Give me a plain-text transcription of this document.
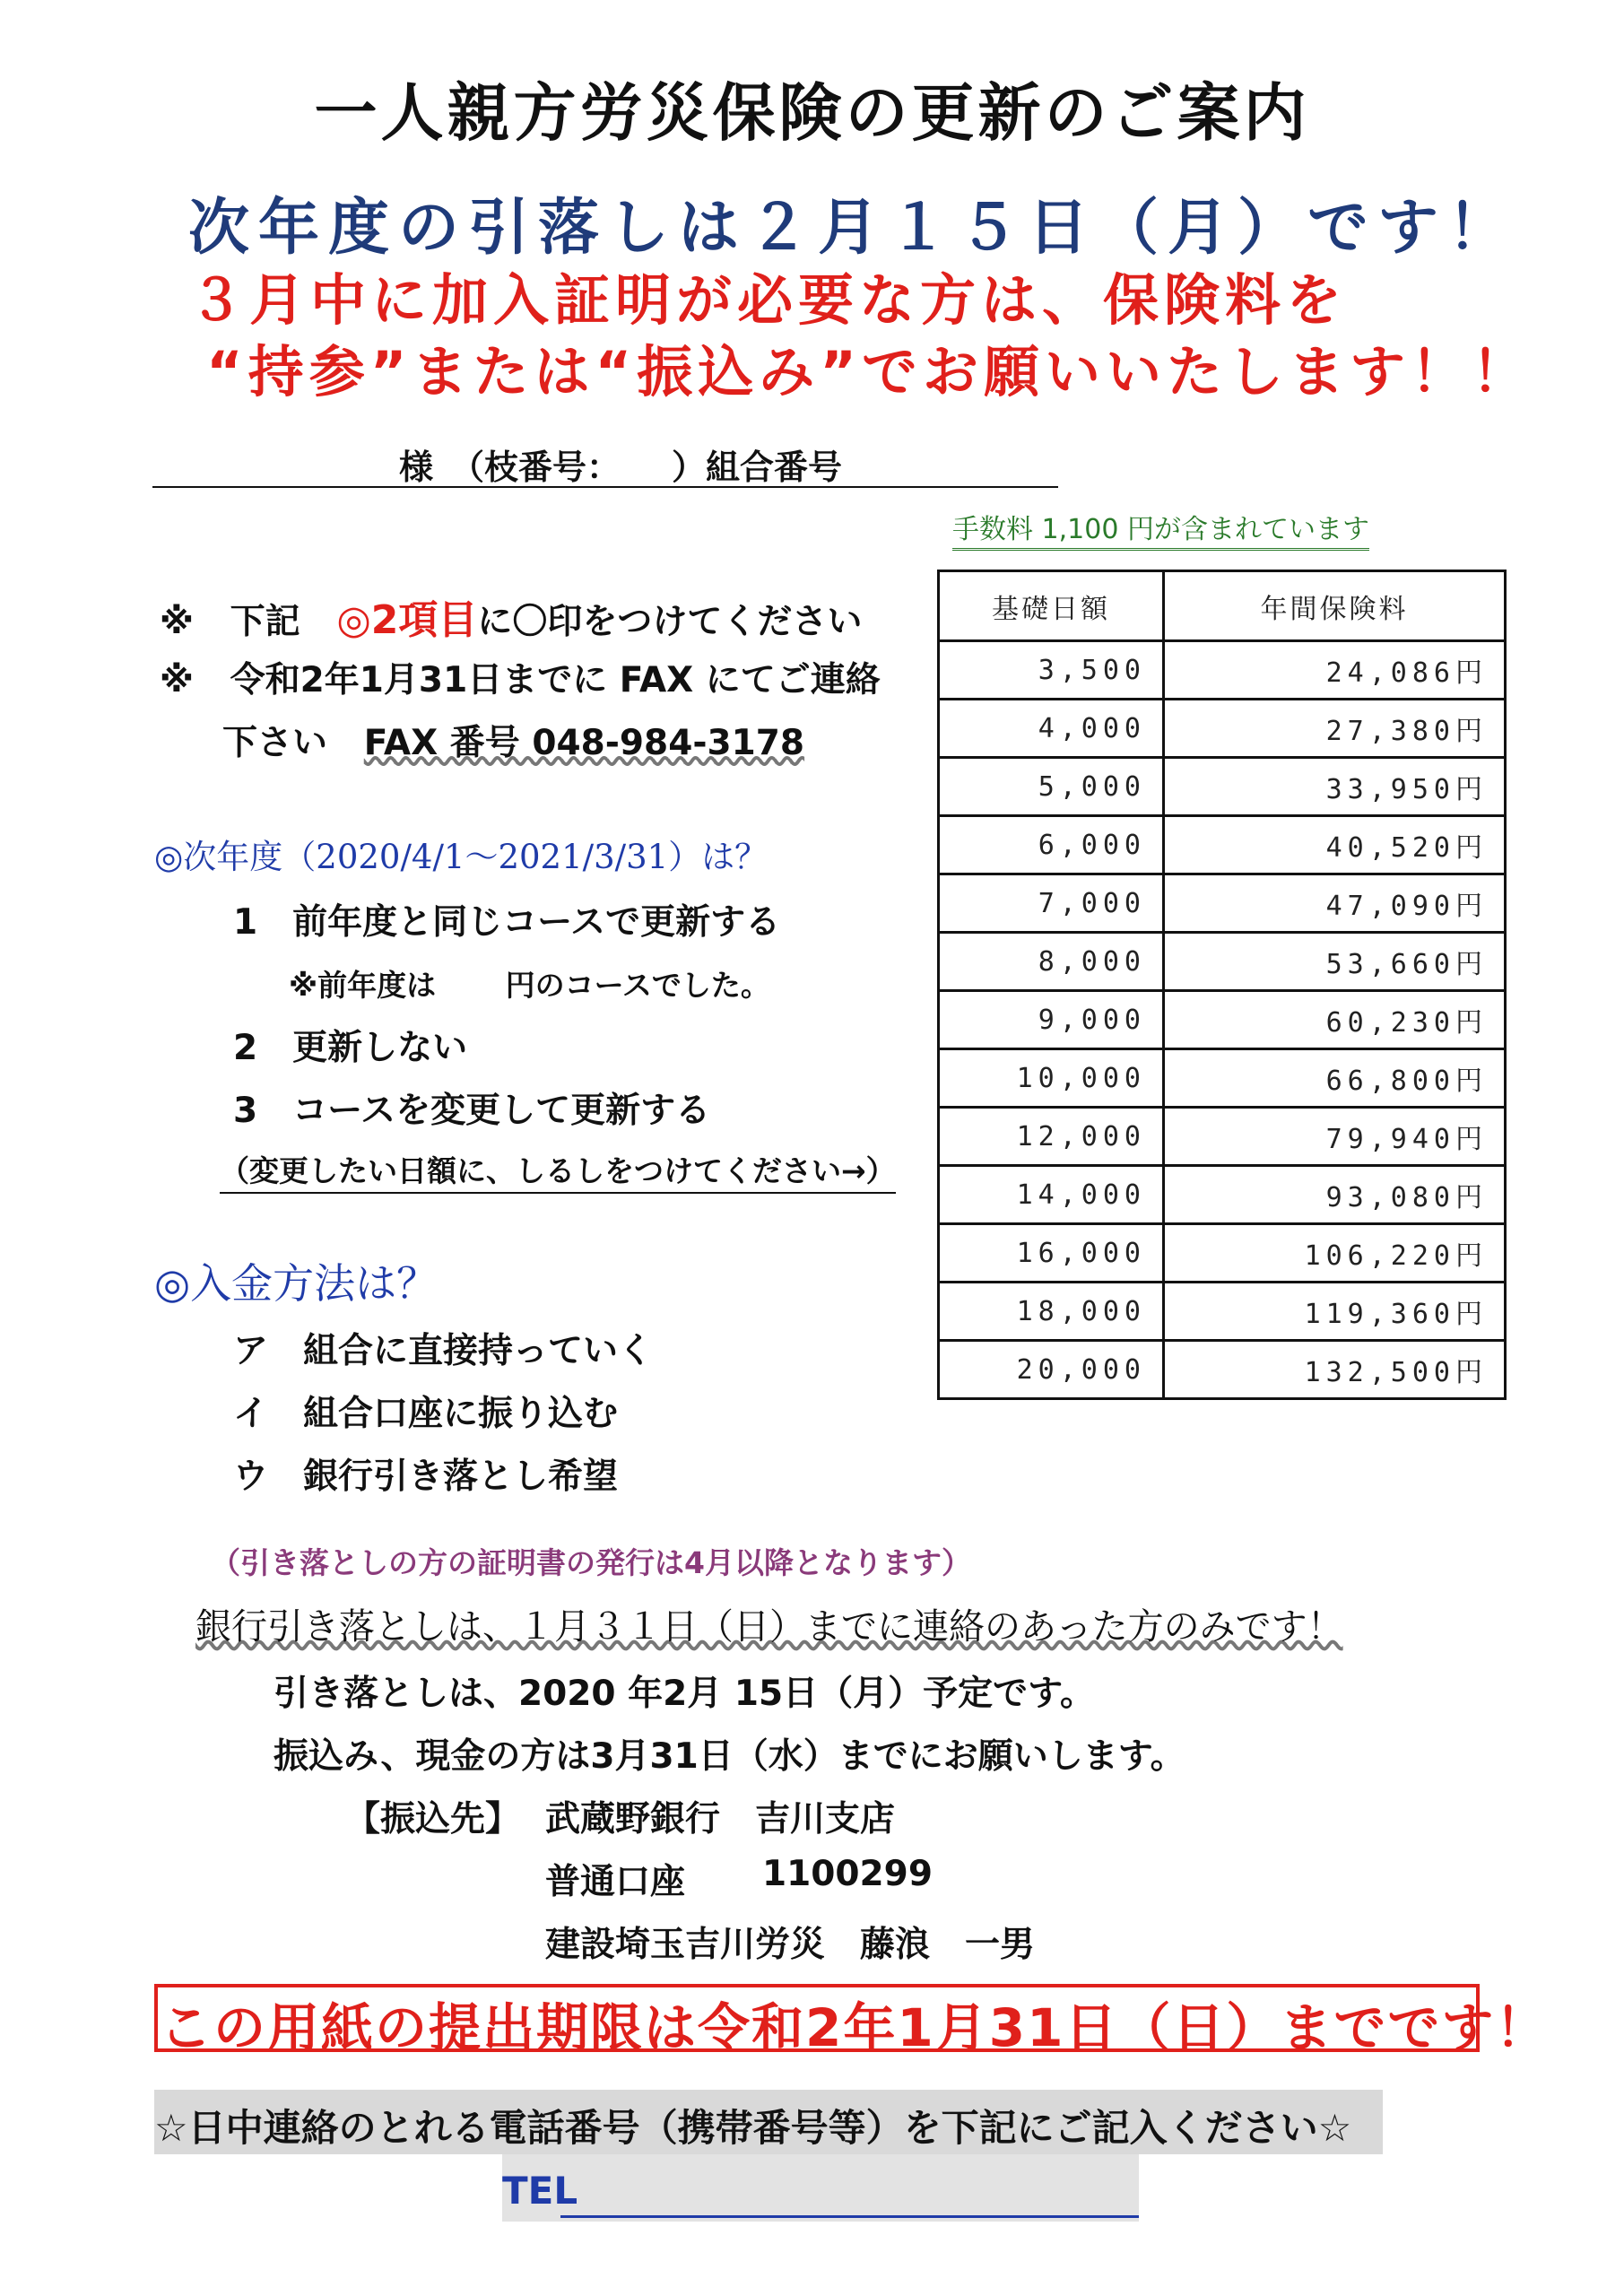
一人親方労災保険の更新のご案内
次年度の引落しは２月１５日（月）です！
３月中に加入証明が必要な方は、保険料を
“持参”または“振込み”でお願いいたします！！
様　（枝番号：　　）組合番号
手数料 1,100 円が含まれています
※ 下記 ◎2項目に〇印をつけてください
※ 令和2年1月31日までに FAX にてご連絡
下さい FAX 番号 048-984-3178
◎次年度（2020/4/1～2021/3/31）は？
1　前年度と同じコースで更新する
※前年度は　　 円のコースでした。
2　更新しない
3　コースを変更して更新する
（変更したい日額に、しるしをつけてください→）
◎入金方法は？
ア　組合に直接持っていく
イ　組合口座に振り込む
ウ　銀行引き落とし希望
（引き落としの方の証明書の発行は4月以降となります）
銀行引き落としは、１月３１日（日）までに連絡のあった方のみです！
引き落としは、2020 年2月 15日（月）予定です。
振込み、現金の方は3月31日（水）までにお願いします。
【振込先】 武蔵野銀行　吉川支店
普通口座 1100299
建設埼玉吉川労災　藤浪　一男
基礎日額	年間保険料
3,500	24,086円
4,000	27,380円
5,000	33,950円
6,000	40,520円
7,000	47,090円
8,000	53,660円
9,000	60,230円
10,000	66,800円
12,000	79,940円
14,000	93,080円
16,000	106,220円
18,000	119,360円
20,000	132,500円
この用紙の提出期限は令和2年1月31日（日）までです！
☆日中連絡のとれる電話番号（携帯番号等）を下記にご記入ください☆
TEL
